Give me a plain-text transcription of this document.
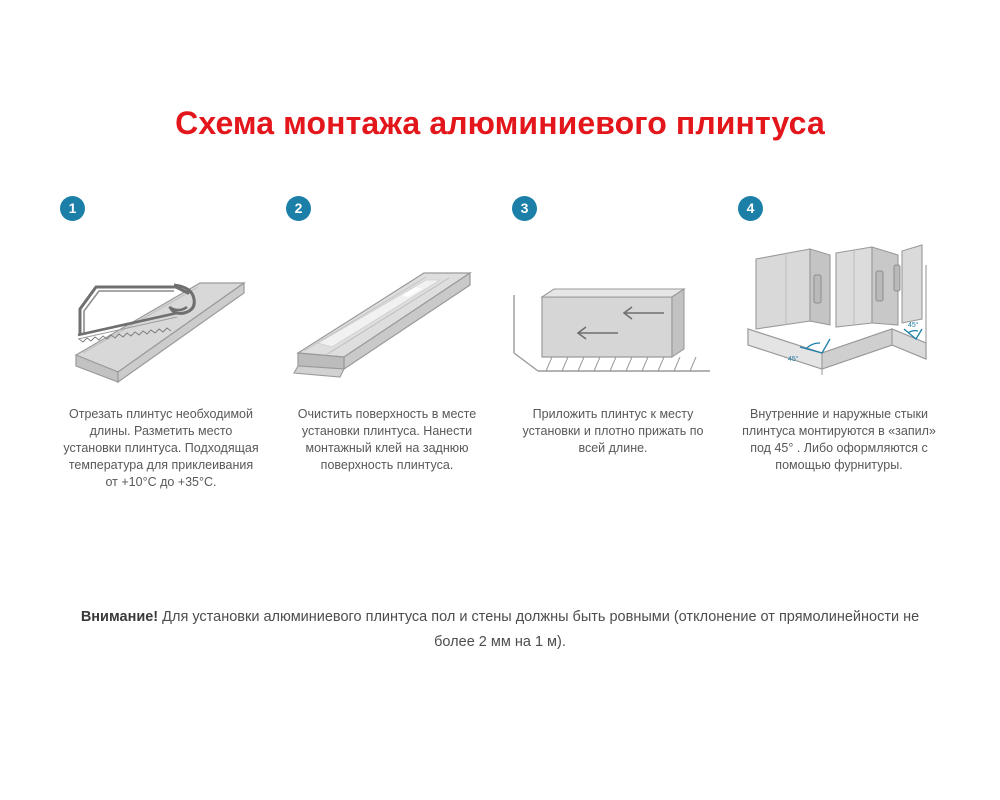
Схема монтажа алюминиевого плинтуса
1
Отрезать плинтус необходимой длины. Разметить место установки плинтуса. Подходящая температура для приклеивания от +10°C до +35°C.
2
Очистить поверхность в месте установки плинтуса. Нанести монтажный клей на заднюю поверхность плинтуса.
3
Приложить плинтус к месту установки и плотно прижать по всей длине.
4
45°
45°
Внутренние и наружные стыки плинтуса монтируются в «запил» под 45° . Либо оформляются с помощью фурнитуры.
Внимание! Для установки алюминиевого плинтуса пол и стены должны быть ровными (отклонение от прямолинейности не более 2 мм на 1 м).
